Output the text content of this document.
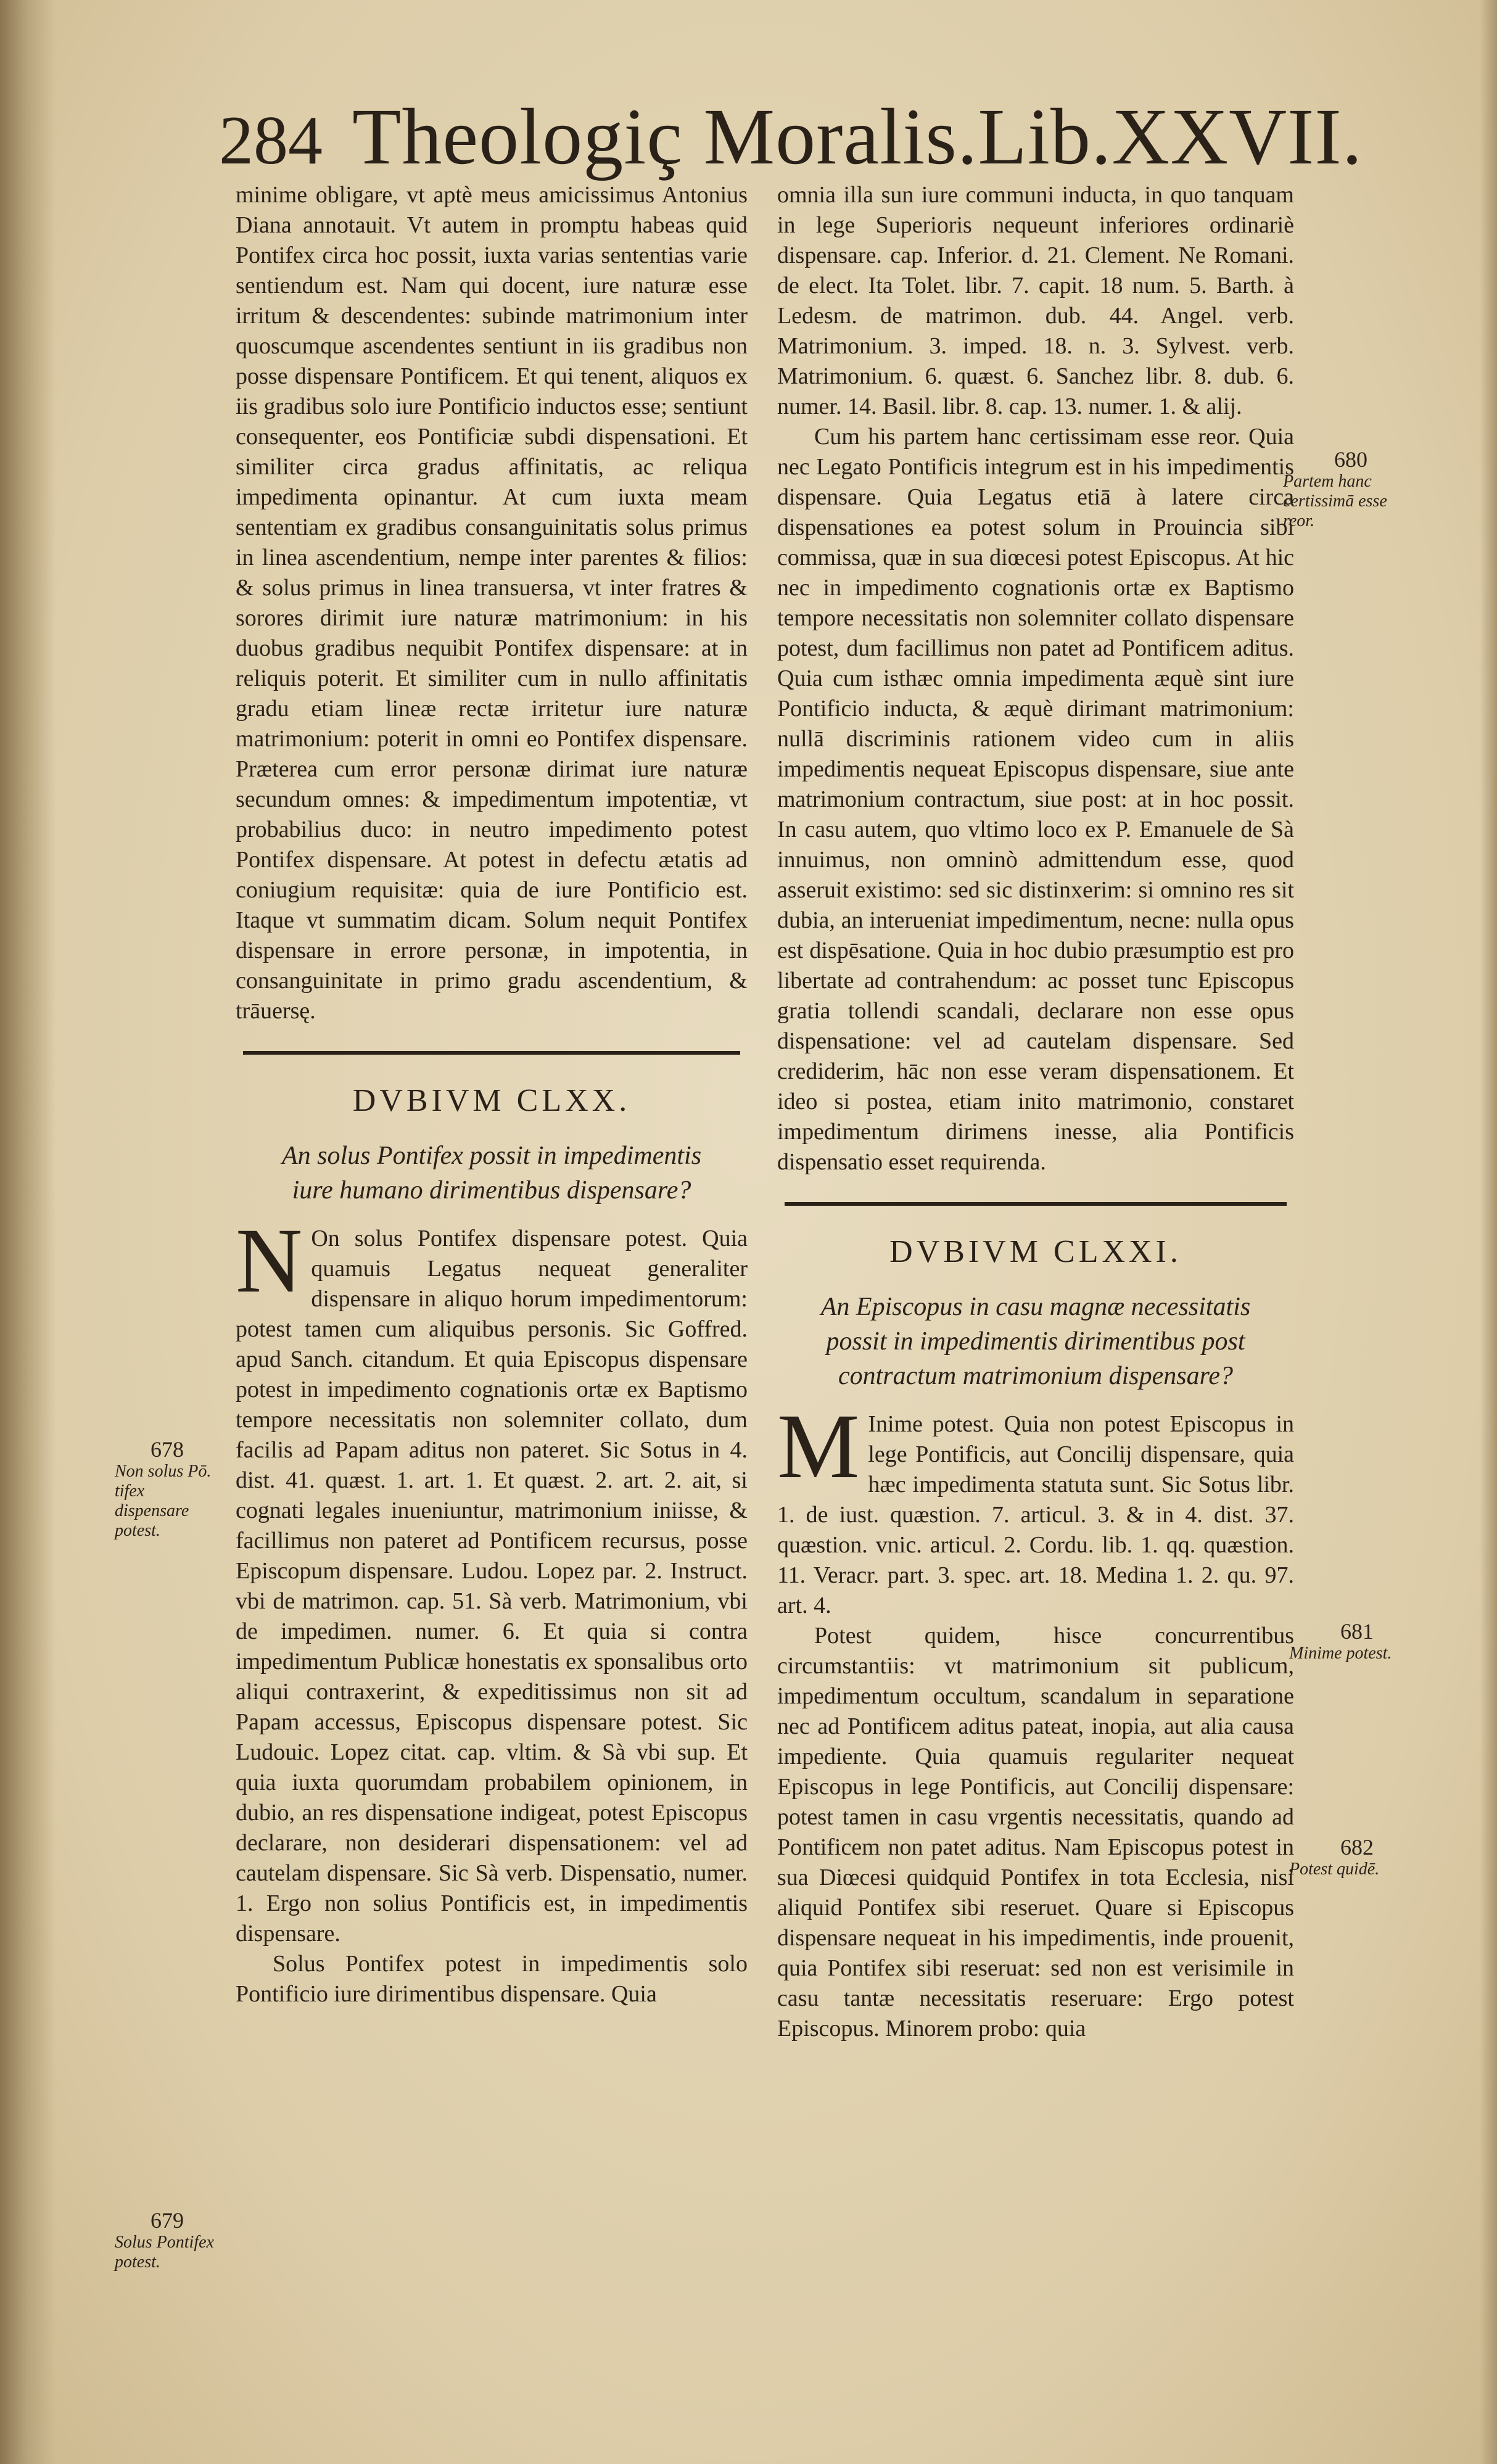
284 Theologiç Moralis.Lib.XXVII.

minime obligare, vt aptè meus amicissimus Antonius Diana annotauit. Vt autem in promptu habeas quid Pontifex circa hoc possit, iuxta varias sententias varie sentiendum est. Nam qui docent, iure naturæ esse irritum & descendentes: subinde matrimonium inter quoscumque ascendentes sentiunt in iis gradibus non posse dispensare Pontificem. Et qui tenent, aliquos ex iis gradibus solo iure Pontificio inductos esse; sentiunt consequenter, eos Pontificiæ subdi dispensationi. Et similiter circa gradus affinitatis, ac reliqua impedimenta opinantur. At cum iuxta meam sententiam ex gradibus consanguinitatis solus primus in linea ascendentium, nempe inter parentes & filios: & solus primus in linea transuersa, vt inter fratres & sorores dirimit iure naturæ matrimonium: in his duobus gradibus nequibit Pontifex dispensare: at in reliquis poterit. Et similiter cum in nullo affinitatis gradu etiam lineæ rectæ irritetur iure naturæ matrimonium: poterit in omni eo Pontifex dispensare. Præterea cum error personæ dirimat iure naturæ secundum omnes: & impedimentum impotentiæ, vt probabilius duco: in neutro impedimento potest Pontifex dispensare. At potest in defectu ætatis ad coniugium requisitæ: quia de iure Pontificio est. Itaque vt summatim dicam. Solum nequit Pontifex dispensare in errore personæ, in impotentia, in consanguinitate in primo gradu ascendentium, & trāuersę.

DVBIVM CLXX.
An solus Pontifex possit in impedimentis iure humano dirimentibus dispensare?

N On solus Pontifex dispensare potest. Quia quamuis Legatus nequeat generaliter dispensare in aliquo horum impedimentorum: potest tamen cum aliquibus personis. Sic Goffred. apud Sanch. citandum. Et quia Episcopus dispensare potest in impedimento cognationis ortæ ex Baptismo tempore necessitatis non solemniter collato, dum facilis ad Papam aditus non pateret. Sic Sotus in 4. dist. 41. quæst. 1. art. 1. Et quæst. 2. art. 2. ait, si cognati legales inueniuntur, matrimonium iniisse, & facillimus non pateret ad Pontificem recursus, posse Episcopum dispensare. Ludou. Lopez par. 2. Instruct. vbi de matrimon. cap. 51. Sà verb. Matrimonium, vbi de impedimen. numer. 6. Et quia si contra impedimentum Publicæ honestatis ex sponsalibus orto aliqui contraxerint, & expeditissimus non sit ad Papam accessus, Episcopus dispensare potest. Sic Ludouic. Lopez citat. cap. vltim. & Sà vbi sup. Et quia iuxta quorumdam probabilem opinionem, in dubio, an res dispensatione indigeat, potest Episcopus declarare, non desiderari dispensationem: vel ad cautelam dispensare. Sic Sà verb. Dispensatio, numer. 1. Ergo non solius Pontificis est, in impedimentis dispensare.

Solus Pontifex potest in impedimentis solo Pontificio iure dirimentibus dispensare. Quia

omnia illa sun iure communi inducta, in quo tanquam in lege Superioris nequeunt inferiores ordinariè dispensare. cap. Inferior. d. 21. Clement. Ne Romani. de elect. Ita Tolet. libr. 7. capit. 18 num. 5. Barth. à Ledesm. de matrimon. dub. 44. Angel. verb. Matrimonium. 3. imped. 18. n. 3. Sylvest. verb. Matrimonium. 6. quæst. 6. Sanchez libr. 8. dub. 6. numer. 14. Basil. libr. 8. cap. 13. numer. 1. & alij.

Cum his partem hanc certissimam esse reor. Quia nec Legato Pontificis integrum est in his impedimentis dispensare. Quia Legatus etiā à latere circa dispensationes ea potest solum in Prouincia sibi commissa, quæ in sua diœcesi potest Episcopus. At hic nec in impedimento cognationis ortæ ex Baptismo tempore necessitatis non solemniter collato dispensare potest, dum facillimus non patet ad Pontificem aditus. Quia cum isthæc omnia impedimenta æquè sint iure Pontificio inducta, & æquè dirimant matrimonium: nullā discriminis rationem video cum in aliis impedimentis nequeat Episcopus dispensare, siue ante matrimonium contractum, siue post: at in hoc possit. In casu autem, quo vltimo loco ex P. Emanuele de Sà innuimus, non omninò admittendum esse, quod asseruit existimo: sed sic distinxerim: si omnino res sit dubia, an interueniat impedimentum, necne: nulla opus est dispēsatione. Quia in hoc dubio præsumptio est pro libertate ad contrahendum: ac posset tunc Episcopus gratia tollendi scandali, declarare non esse opus dispensatione: vel ad cautelam dispensare. Sed crediderim, hāc non esse veram dispensationem. Et ideo si postea, etiam inito matrimonio, constaret impedimentum dirimens inesse, alia Pontificis dispensatio esset requirenda.

DVBIVM CLXXI.
An Episcopus in casu magnæ necessitatis possit in impedimentis dirimentibus post contractum matrimonium dispensare?

M Inime potest. Quia non potest Episcopus in lege Pontificis, aut Concilij dispensare, quia hæc impedimenta statuta sunt. Sic Sotus libr. 1. de iust. quæstion. 7. articul. 3. & in 4. dist. 37. quæstion. vnic. articul. 2. Cordu. lib. 1. qq. quæstion. 11. Veracr. part. 3. spec. art. 18. Medina 1. 2. qu. 97. art. 4.

Potest quidem, hisce concurrentibus circumstantiis: vt matrimonium sit publicum, impedimentum occultum, scandalum in separatione nec ad Pontificem aditus pateat, inopia, aut alia causa impediente. Quia quamuis regulariter nequeat Episcopus in lege Pontificis, aut Concilij dispensare: potest tamen in casu vrgentis necessitatis, quando ad Pontificem non patet aditus. Nam Episcopus potest in sua Diœcesi quidquid Pontifex in tota Ecclesia, nisi aliquid Pontifex sibi reseruet. Quare si Episcopus dispensare nequeat in his impedimentis, inde prouenit, quia Pontifex sibi reseruat: sed non est verisimile in casu tantæ necessitatis reseruare: Ergo potest Episcopus. Minorem probo: quia

678
Non solus Pō. tifex dispensare potest.
679
Solus Pontifex potest.
680
Partem hanc certissimā esse reor.
681
Minime potest.
682
Potest quidē.
